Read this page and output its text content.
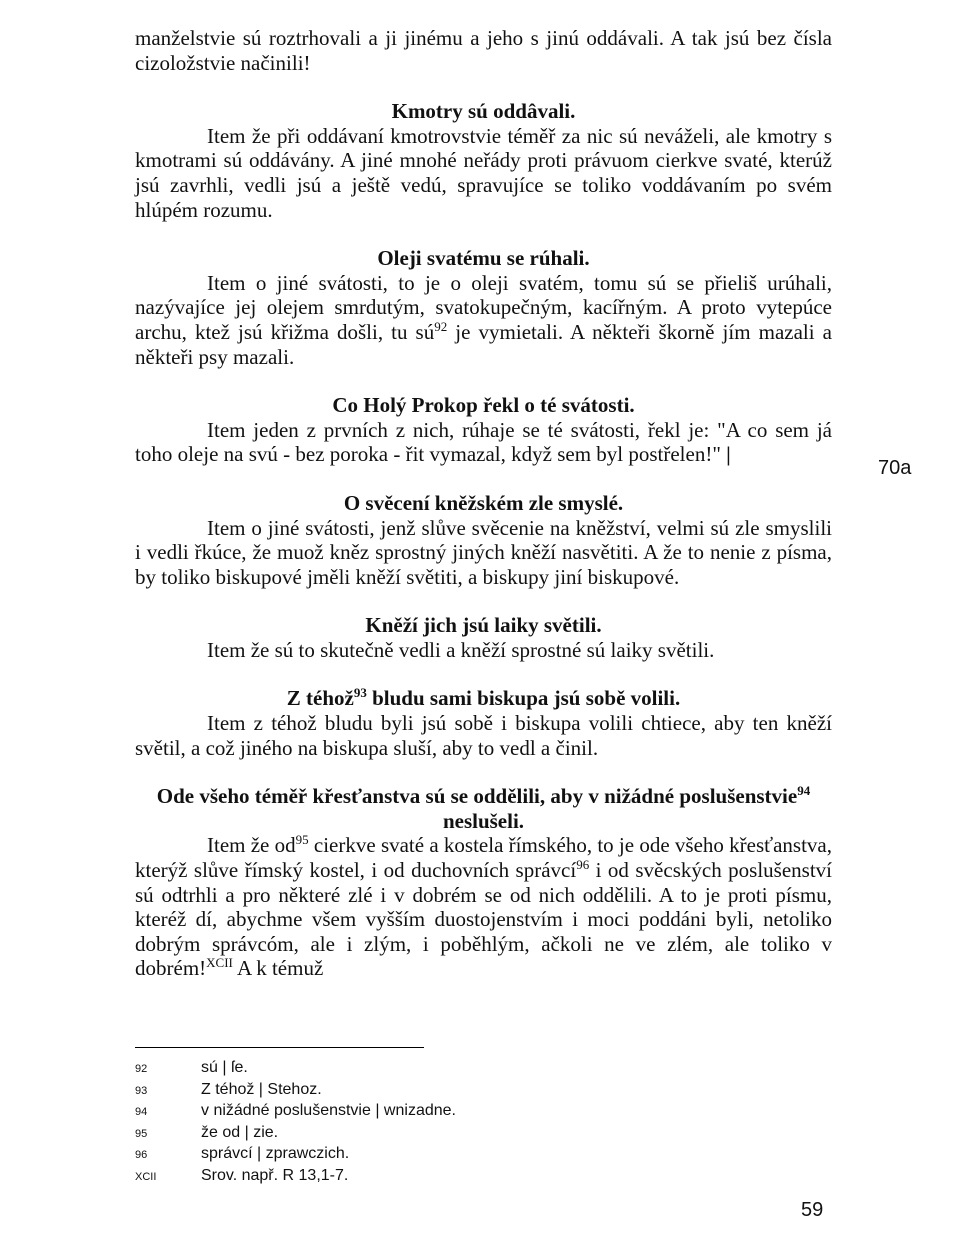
manželstvie sú roztrhovali a ji jinému a jeho s jinú oddávali. A tak jsú bez čísla cizoložstvie načinili!

Kmotry sú oddâvali.

Item že při oddávaní kmotrovstvie téměř za nic sú neváželi, ale kmotry s kmotrami sú oddávány. A jiné mnohé neřády proti právuom cierkve svaté, kterúž jsú zavrhli, vedli jsú a ještě vedú, spravujíce se toliko voddávaním po svém hlúpém rozumu.

Oleji svatému se rúhali.

Item o jiné svátosti, to je o oleji svatém, tomu sú se přieliš urúhali, nazývajíce jej olejem smrdutým, svatokupečným, kacířným. A proto vytepúce archu, ktež jsú křižma došli, tu $sú^{92}$ je vymietali. A někteři škorně jím mazali a někteři psy mazali.

Co Holý Prokop řekl o té svátosti.

Item jeden z prvních z nich, rúhaje se té svátosti, řekl je: "A co sem já toho oleje na svú - bez poroka - řit vymazal, když sem byl postřelen!" |

O svěcení kněžském zle smyslé.

Item o jiné svátosti, jenž slůve svěcenie na kněžství, velmi sú zle smyslili i vedli řkúce, že muož kněz sprostný jiných kněží nasvětiti. A že to nenie z písma, by toliko biskupové jměli kněží světiti, a biskupy jiní biskupové.

Kněží jich jsú laiky světili.

Item že sú to skutečně vedli a kněží sprostné sú laiky světili.

Z téhož$^{93}$ bludu sami biskupa jsú sobě volili.

Item z téhož bludu byli jsú sobě i biskupa volili chtiece, aby ten kněží světil, a což jiného na biskupa sluší, aby to vedl a činil.

Ode všeho téměř křesťanstva sú se oddělili, aby v nižádné poslušenstvie$^{94}$ neslušeli.

Item že $od^{95}$ cierkve svaté a kostela římského, to je ode všeho křesťanstva, kterýž slůve římský kostel, i od duchovních správcí$^{96}$ i od svěcských poslušenství sú odtrhli a pro některé zlé i v dobrém se od nich oddělili. A to je proti písmu, kteréž dí, abychme všem vyšším duostojenstvím i moci poddáni byli, netoliko dobrým správcóm, ale i zlým, i poběhlým, ačkoli ne ve zlém, ale toliko v dobrém!$^{XCII}$ A k témuž

70a
92	sú | ſe.
93	Z téhož | Stehoz.
94	v nižádné poslušenstvie | wnizadne.
95	že od | zie.
96	správcí | zprawczich.
XCII	Srov. např. R 13,1-7.
59
